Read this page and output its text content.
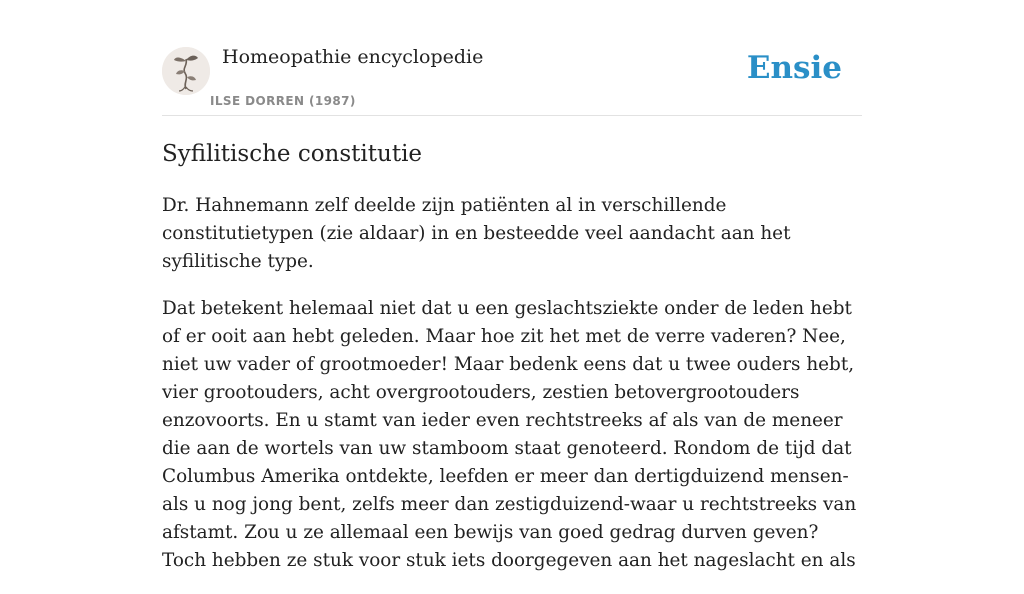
Homeopathie encyclopedie
ILSE DORREN (1987)
Ensie
Syfilitische constitutie

Dr. Hahnemann zelf deelde zijn patiënten al in verschillende constitutietypen (zie aldaar) in en besteedde veel aandacht aan het syfilitische type.

Dat betekent helemaal niet dat u een geslachtsziekte onder de leden hebt of er ooit aan hebt geleden. Maar hoe zit het met de verre vaderen? Nee, niet uw vader of grootmoeder! Maar bedenk eens dat u twee ouders hebt, vier grootouders, acht overgrootouders, zestien betovergrootouders enzovoorts. En u stamt van ieder even rechtstreeks af als van de meneer die aan de wortels van uw stamboom staat genoteerd. Rondom de tijd dat Columbus Amerika ontdekte, leefden er meer dan dertigduizend mensen-als u nog jong bent, zelfs meer dan zestigduizend-waar u rechtstreeks van afstamt. Zou u ze allemaal een bewijs van goed gedrag durven geven? Toch hebben ze stuk voor stuk iets doorgegeven aan het nageslacht en als
